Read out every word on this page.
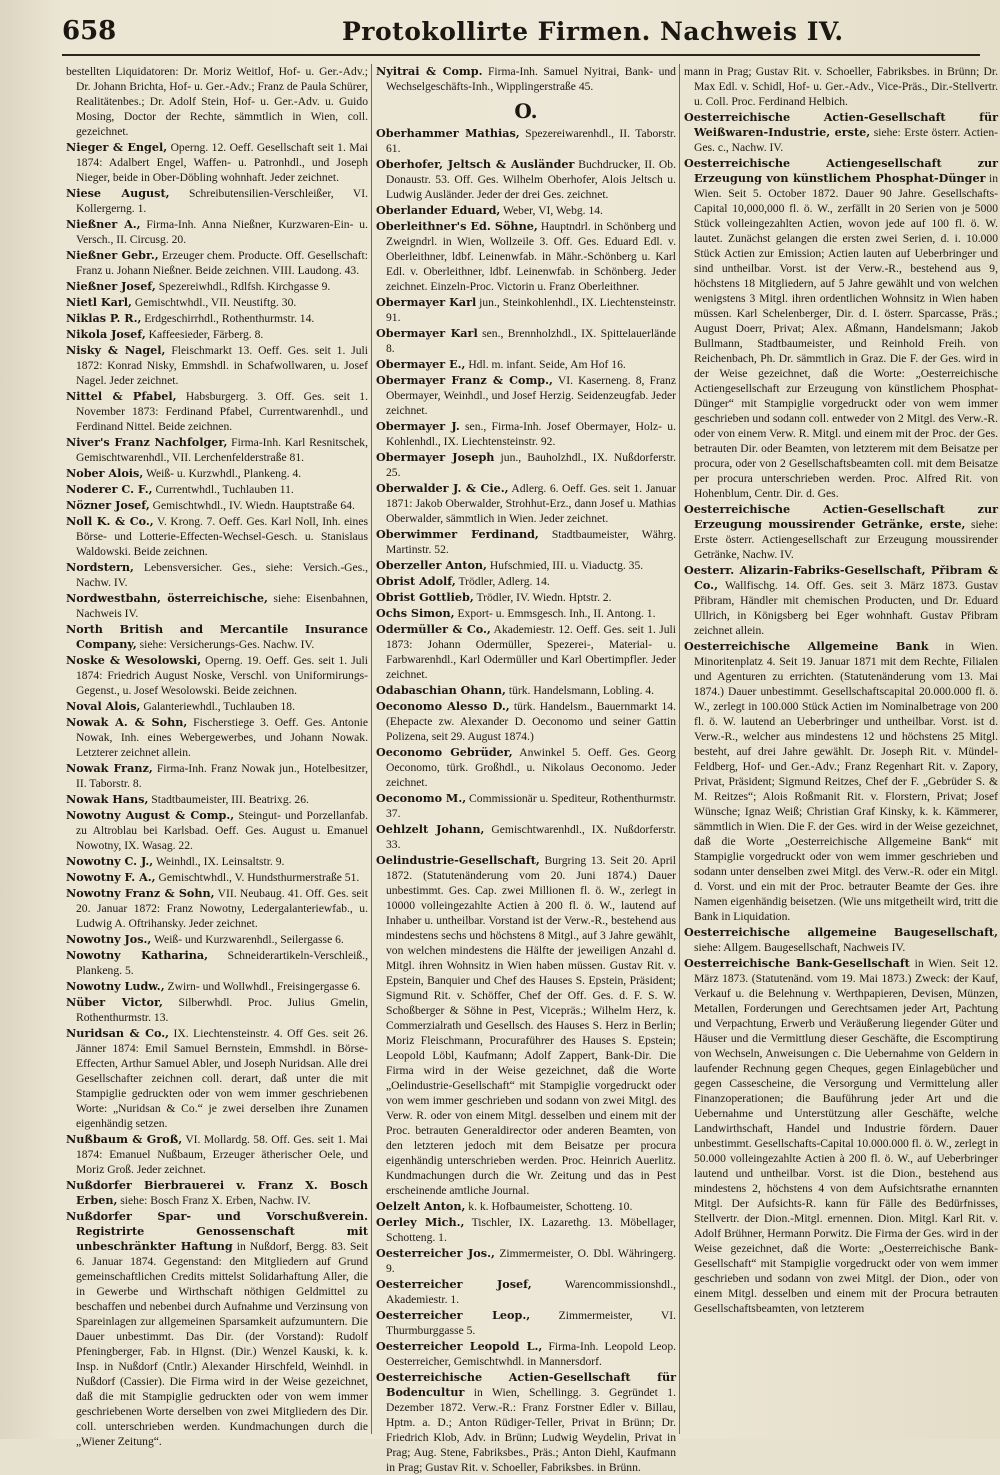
658	Protokollirte Firmen. Nachweis IV.
bestellten Liquidatoren: Dr. Moriz Weitlof, Hof- u. Ger.-Adv.; Dr. Johann Brichta, Hof- u. Ger.-Adv.; Franz de Paula Schürer, Realitätenbes.; Dr. Adolf Stein, Hof- u. Ger.-Adv. u. Guido Mosing, Doctor der Rechte, sämmtlich in Wien, coll. gezeichnet.
Nieger & Engel, Operng. 12. Oeff. Gesellschaft seit 1. Mai 1874: Adalbert Engel, Waffen- u. Patronhdl., und Joseph Nieger, beide in Ober-Döbling wohnhaft. Jeder zeichnet.
Niese August, Schreibutensilien-Verschleißer, VI. Kollergerng. 1.
Nießner A., Firma-Inh. Anna Nießner, Kurzwaren-Ein- u. Versch., II. Circusg. 20.
Nießner Gebr., Erzeuger chem. Producte. Off. Gesellschaft: Franz u. Johann Nießner. Beide zeichnen. VIII. Laudong. 43.
Nießner Josef, Spezereiwhdl., Rdlfsh. Kirchgasse 9.
Nietl Karl, Gemischtwhdl., VII. Neustiftg. 30.
Niklas P. R., Erdgeschirrhdl., Rothenthurmstr. 14.
Nikola Josef, Kaffeesieder, Färberg. 8.
Nisky & Nagel, Fleischmarkt 13. Oeff. Ges. seit 1. Juli 1872: Konrad Nisky, Emmshdl. in Schafwollwaren, u. Josef Nagel. Jeder zeichnet.
Nittel & Pfabel, Habsburgerg. 3. Off. Ges. seit 1. November 1873: Ferdinand Pfabel, Currentwarenhdl., und Ferdinand Nittel. Beide zeichnen.
Niver's Franz Nachfolger, Firma-Inh. Karl Resnitschek, Gemischtwarenhdl., VII. Lerchenfelderstraße 81.
Nober Alois, Weiß- u. Kurzwhdl., Plankeng. 4.
Noderer C. F., Currentwhdl., Tuchlauben 11.
Nözner Josef, Gemischtwhdl., IV. Wiedn. Hauptstraße 64.
Noll K. & Co., V. Krong. 7. Oeff. Ges. Karl Noll, Inh. eines Börse- und Lotterie-Effecten-Wechsel-Gesch. u. Stanislaus Waldowski. Beide zeichnen.
Nordstern, Lebensversicher. Ges., siehe: Versich.-Ges., Nachw. IV.
Nordwestbahn, österreichische, siehe: Eisenbahnen, Nachweis IV.
North British and Mercantile Insurance Company, siehe: Versicherungs-Ges. Nachw. IV.
Noske & Wesolowski, Operng. 19. Oeff. Ges. seit 1. Juli 1874: Friedrich August Noske, Verschl. von Uniformirungs-Gegenst., u. Josef Wesolowski. Beide zeichnen.
Noval Alois, Galanteriewhdl., Tuchlauben 18.
Nowak A. & Sohn, Fischerstiege 3. Oeff. Ges. Antonie Nowak, Inh. eines Webergewerbes, und Johann Nowak. Letzterer zeichnet allein.
Nowak Franz, Firma-Inh. Franz Nowak jun., Hotelbesitzer, II. Taborstr. 8.
Nowak Hans, Stadtbaumeister, III. Beatrixg. 26.
Nowotny August & Comp., Steingut- und Porzellanfab. zu Altroblau bei Karlsbad. Oeff. Ges. August u. Emanuel Nowotny, IX. Wasag. 22.
Nowotny C. J., Weinhdl., IX. Leinsaltstr. 9.
Nowotny F. A., Gemischtwhdl., V. Hundsthurmerstraße 51.
Nowotny Franz & Sohn, VII. Neubaug. 41. Off. Ges. seit 20. Januar 1872: Franz Nowotny, Ledergalanteriewfab., u. Ludwig A. Oftrihansky. Jeder zeichnet.
Nowotny Jos., Weiß- und Kurzwarenhdl., Seilergasse 6.
Nowotny Katharina, Schneiderartikeln-Verschleiß., Plankeng. 5.
Nowotny Ludw., Zwirn- und Wollwhdl., Freisingergasse 6.
Nüber Victor, Silberwhdl. Proc. Julius Gmelin, Rothenthurmstr. 13.
Nuridsan & Co., IX. Liechtensteinstr. 4. Off Ges. seit 26. Jänner 1874: Emil Samuel Bernstein, Emmshdl. in Börse-Effecten, Arthur Samuel Abler, und Joseph Nuridsan. Alle drei Gesellschafter zeichnen coll. derart, daß unter die mit Stampiglie gedruckten oder von wem immer geschriebenen Worte: „Nuridsan & Co.“ je zwei derselben ihre Zunamen eigenhändig setzen.
Nußbaum & Groß, VI. Mollardg. 58. Off. Ges. seit 1. Mai 1874: Emanuel Nußbaum, Erzeuger ätherischer Oele, und Moriz Groß. Jeder zeichnet.
Nußdorfer Bierbrauerei v. Franz X. Bosch Erben, siehe: Bosch Franz X. Erben, Nachw. IV.
Nußdorfer Spar- und Vorschußverein. Registrirte Genossenschaft mit unbeschränkter Haftung in Nußdorf, Bergg. 83. Seit 6. Januar 1874. Gegenstand: den Mitgliedern auf Grund gemeinschaftlichen Credits mittelst Solidarhaftung Aller, die in Gewerbe und Wirthschaft nöthigen Geldmittel zu beschaffen und nebenbei durch Aufnahme und Verzinsung von Spareinlagen zur allgemeinen Sparsamkeit aufzumuntern. Die Dauer unbestimmt. Das Dir. (der Vorstand): Rudolf Pfeningberger, Fab. in Hlgnst. (Dir.) Wenzel Kauski, k. k. Insp. in Nußdorf (Cntlr.) Alexander Hirschfeld, Weinhdl. in Nußdorf (Cassier). Die Firma wird in der Weise gezeichnet, daß die mit Stampiglie gedruckten oder von wem immer geschriebenen Worte derselben von zwei Mitgliedern des Dir. coll. unterschrieben werden. Kundmachungen durch die „Wiener Zeitung“.
Nyitrai & Comp. Firma-Inh. Samuel Nyitrai, Bank- und Wechselgeschäfts-Inh., Wipplingerstraße 45.
O.
Oberhammer Mathias, Spezereiwarenhdl., II. Taborstr. 61.
Oberhofer, Jeltsch & Ausländer Buchdrucker, II. Ob. Donaustr. 53. Off. Ges. Wilhelm Oberhofer, Alois Jeltsch u. Ludwig Ausländer. Jeder der drei Ges. zeichnet.
Oberlander Eduard, Weber, VI, Webg. 14.
Oberleithner's Ed. Söhne, Hauptndrl. in Schönberg und Zweigndrl. in Wien, Wollzeile 3. Off. Ges. Eduard Edl. v. Oberleithner, ldbf. Leinenwfab. in Mähr.-Schönberg u. Karl Edl. v. Oberleithner, ldbf. Leinenwfab. in Schönberg. Jeder zeichnet. Einzeln-Proc. Victorin u. Franz Oberleithner.
Obermayer Karl jun., Steinkohlenhdl., IX. Liechtensteinstr. 91.
Obermayer Karl sen., Brennholzhdl., IX. Spittelauerlände 8.
Obermayer E., Hdl. m. infant. Seide, Am Hof 16.
Obermayer Franz & Comp., VI. Kaserneng. 8, Franz Obermayer, Weinhdl., und Josef Herzig. Seidenzeugfab. Jeder zeichnet.
Obermayer J. sen., Firma-Inh. Josef Obermayer, Holz- u. Kohlenhdl., IX. Liechtensteinstr. 92.
Obermayer Joseph jun., Bauholzhdl., IX. Nußdorferstr. 25.
Oberwalder J. & Cie., Adlerg. 6. Oeff. Ges. seit 1. Januar 1871: Jakob Oberwalder, Strohhut-Erz., dann Josef u. Mathias Oberwalder, sämmtlich in Wien. Jeder zeichnet.
Oberwimmer Ferdinand, Stadtbaumeister, Währg. Martinstr. 52.
Oberzeller Anton, Hufschmied, III. u. Viaductg. 35.
Obrist Adolf, Trödler, Adlerg. 14.
Obrist Gottlieb, Trödler, IV. Wiedn. Hptstr. 2.
Ochs Simon, Export- u. Emmsgesch. Inh., II. Antong. 1.
Odermüller & Co., Akademiestr. 12. Oeff. Ges. seit 1. Juli 1873: Johann Odermüller, Spezerei-, Material- u. Farbwarenhdl., Karl Odermüller und Karl Obertimpfler. Jeder zeichnet.
Odabaschian Ohann, türk. Handelsmann, Lobling. 4.
Oeconomo Alesso D., türk. Handelsm., Bauernmarkt 14. (Ehepacte zw. Alexander D. Oeconomo und seiner Gattin Polizena, seit 29. August 1874.)
Oeconomo Gebrüder, Anwinkel 5. Oeff. Ges. Georg Oeconomo, türk. Großhdl., u. Nikolaus Oeconomo. Jeder zeichnet.
Oeconomo M., Commissionär u. Spediteur, Rothenthurmstr. 37.
Oehlzelt Johann, Gemischtwarenhdl., IX. Nußdorferstr. 33.
Oelindustrie-Gesellschaft, Burgring 13. Seit 20. April 1872. (Statutenänderung vom 20. Juni 1874.) Dauer unbestimmt. Ges. Cap. zwei Millionen fl. ö. W., zerlegt in 10000 volleingezahlte Actien à 200 fl. ö. W., lautend auf Inhaber u. untheilbar. Vorstand ist der Verw.-R., bestehend aus mindestens sechs und höchstens 8 Mitgl., auf 3 Jahre gewählt, von welchen mindestens die Hälfte der jeweiligen Anzahl d. Mitgl. ihren Wohnsitz in Wien haben müssen. Gustav Rit. v. Epstein, Banquier und Chef des Hauses S. Epstein, Präsident; Sigmund Rit. v. Schöffer, Chef der Off. Ges. d. F. S. W. Schoßberger & Söhne in Pest, Vicepräs.; Wilhelm Herz, k. Commerzialrath und Gesellsch. des Hauses S. Herz in Berlin; Moriz Fleischmann, Procuraführer des Hauses S. Epstein; Leopold Löbl, Kaufmann; Adolf Zappert, Bank-Dir. Die Firma wird in der Weise gezeichnet, daß die Worte „Oelindustrie-Gesellschaft“ mit Stampiglie vorgedruckt oder von wem immer geschrieben und sodann von zwei Mitgl. des Verw. R. oder von einem Mitgl. desselben und einem mit der Proc. betrauten Generaldirector oder anderen Beamten, von den letzteren jedoch mit dem Beisatze per procura eigenhändig unterschrieben werden. Proc. Heinrich Auerlitz. Kundmachungen durch die Wr. Zeitung und das in Pest erscheinende amtliche Journal.
Oelzelt Anton, k. k. Hofbaumeister, Schotteng. 10.
Oerley Mich., Tischler, IX. Lazarethg. 13. Möbellager, Schotteng. 1.
Oesterreicher Jos., Zimmermeister, O. Dbl. Währingerg. 9.
Oesterreicher Josef,	Warencommissionshdl., Akademiestr. 1.
Oesterreicher Leop., Zimmermeister, VI. Thurmburggasse 5.
Oesterreicher Leopold L., Firma-Inh. Leopold Leop. Oesterreicher, Gemischtwhdl. in Mannersdorf.
Oesterreichische Actien-Gesellschaft für Bodencultur in Wien, Schellingg. 3. Gegründet 1. Dezember 1872. Verw.-R.: Franz Forstner Edler v. Billau, Hptm. a. D.; Anton Rüdiger-Teller, Privat in Brünn; Dr. Friedrich Klob, Adv. in Brünn; Ludwig Weydelin, Privat in Prag; Aug. Stene, Fabriksbes., Präs.; Anton Diehl, Kaufmann in Prag; Gustav Rit. v. Schoeller, Fabriksbes. in Brünn.
mann in Prag; Gustav Rit. v. Schoeller, Fabriksbes. in Brünn; Dr. Max Edl. v. Schidl, Hof- u. Ger.-Adv., Vice-Präs., Dir.-Stellvertr. u. Coll. Proc. Ferdinand Helbich.
Oesterreichische Actien-Gesellschaft für Weißwaren-Industrie, erste, siehe: Erste österr. Actien-Ges. c., Nachw. IV.
Oesterreichische Actiengesellschaft zur Erzeugung von künstlichem Phosphat-Dünger in Wien. Seit 5. October 1872. Dauer 90 Jahre. Gesellschafts-Capital 10,000,000 fl. ö. W., zerfällt in 20 Serien von je 5000 Stück volleingezahlten Actien, wovon jede auf 100 fl. ö. W. lautet. Zunächst gelangen die ersten zwei Serien, d. i. 10.000 Stück Actien zur Emission; Actien lauten auf Ueberbringer und sind untheilbar. Vorst. ist der Verw.-R., bestehend aus 9, höchstens 18 Mitgliedern, auf 5 Jahre gewählt und von welchen wenigstens 3 Mitgl. ihren ordentlichen Wohnsitz in Wien haben müssen. Karl Schelenberger, Dir. d. I. österr. Sparcasse, Präs.; August Doerr, Privat; Alex. Aßmann, Handelsmann; Jakob Bullmann, Stadtbaumeister, und Reinhold Freih. von Reichenbach, Ph. Dr. sämmtlich in Graz. Die F. der Ges. wird in der Weise gezeichnet, daß die Worte: „Oesterreichische Actiengesellschaft zur Erzeugung von künstlichem Phosphat-Dünger“ mit Stampiglie vorgedruckt oder von wem immer geschrieben und sodann coll. entweder von 2 Mitgl. des Verw.-R. oder von einem Verw. R. Mitgl. und einem mit der Proc. der Ges. betrauten Dir. oder Beamten, von letzterem mit dem Beisatze per procura, oder von 2 Gesellschaftsbeamten coll. mit dem Beisatze per procura unterschrieben werden. Proc. Alfred Rit. von Hohenblum, Centr. Dir. d. Ges.
Oesterreichische Actien-Gesellschaft zur Erzeugung moussirender Getränke, erste, siehe: Erste österr. Actiengesellschaft zur Erzeugung moussirender Getränke, Nachw. IV.
Oesterr. Alizarin-Fabriks-Gesellschaft, Přibram & Co., Wallfischg. 14. Off. Ges. seit 3. März 1873. Gustav Přibram, Händler mit chemischen Producten, und Dr. Eduard Ullrich, in Königsberg bei Eger wohnhaft. Gustav Přibram zeichnet allein.
Oesterreichische Allgemeine Bank in Wien. Minoritenplatz 4. Seit 19. Januar 1871 mit dem Rechte, Filialen und Agenturen zu errichten. (Statutenänderung vom 13. Mai 1874.) Dauer unbestimmt. Gesellschaftscapital 20.000.000 fl. ö. W., zerlegt in 100.000 Stück Actien im Nominalbetrage von 200 fl. ö. W. lautend an Ueberbringer und untheilbar. Vorst. ist d. Verw.-R., welcher aus mindestens 12 und höchstens 25 Mitgl. besteht, auf drei Jahre gewählt. Dr. Joseph Rit. v. Mündel-Feldberg, Hof- und Ger.-Adv.; Franz Regenhart Rit. v. Zapory, Privat, Präsident; Sigmund Reitzes, Chef der F. „Gebrüder S. & M. Reitzes“; Alois Roßmanit Rit. v. Florstern, Privat; Josef Wünsche; Ignaz Weiß; Christian Graf Kinsky, k. k. Kämmerer, sämmtlich in Wien. Die F. der Ges. wird in der Weise gezeichnet, daß die Worte „Oesterreichische Allgemeine Bank“ mit Stampiglie vorgedruckt oder von wem immer geschrieben und sodann unter denselben zwei Mitgl. des Verw.-R. oder ein Mitgl. d. Vorst. und ein mit der Proc. betrauter Beamte der Ges. ihre Namen eigenhändig beisetzen. (Wie uns mitgetheilt wird, tritt die Bank in Liquidation.
Oesterreichische allgemeine Baugesellschaft, siehe: Allgem. Baugesellschaft, Nachweis IV.
Oesterreichische Bank-Gesellschaft in Wien. Seit 12. März 1873. (Statutenänd. vom 19. Mai 1873.) Zweck: der Kauf, Verkauf u. die Belehnung v. Werthpapieren, Devisen, Münzen, Metallen, Forderungen und Gerechtsamen jeder Art, Pachtung und Verpachtung, Erwerb und Veräußerung liegender Güter und Häuser und die Vermittlung dieser Geschäfte, die Escomptirung von Wechseln, Anweisungen c. Die Uebernahme von Geldern in laufender Rechnung gegen Cheques, gegen Einlagebücher und gegen Cassescheine, die Versorgung und Vermittelung aller Finanzoperationen; die Bauführung jeder Art und die Uebernahme und Unterstützung aller Geschäfte, welche Landwirthschaft, Handel und Industrie fördern. Dauer unbestimmt. Gesellschafts-Capital 10.000.000 fl. ö. W., zerlegt in 50.000 volleingezahlte Actien à 200 fl. ö. W., auf Ueberbringer lautend und untheilbar. Vorst. ist die Dion., bestehend aus mindestens 2, höchstens 4 von dem Aufsichtsrathe ernannten Mitgl. Der Aufsichts-R. kann für Fälle des Bedürfnisses, Stellvertr. der Dion.-Mitgl. ernennen. Dion. Mitgl. Karl Rit. v. Adolf Brühner, Hermann Porwitz. Die Firma der Ges. wird in der Weise gezeichnet, daß die Worte: „Oesterreichische Bank-Gesellschaft“ mit Stampiglie vorgedruckt oder von wem immer geschrieben und sodann von zwei Mitgl. der Dion., oder von einem Mitgl. desselben und einem mit der Procura betrauten Gesellschaftsbeamten, von letzterem
